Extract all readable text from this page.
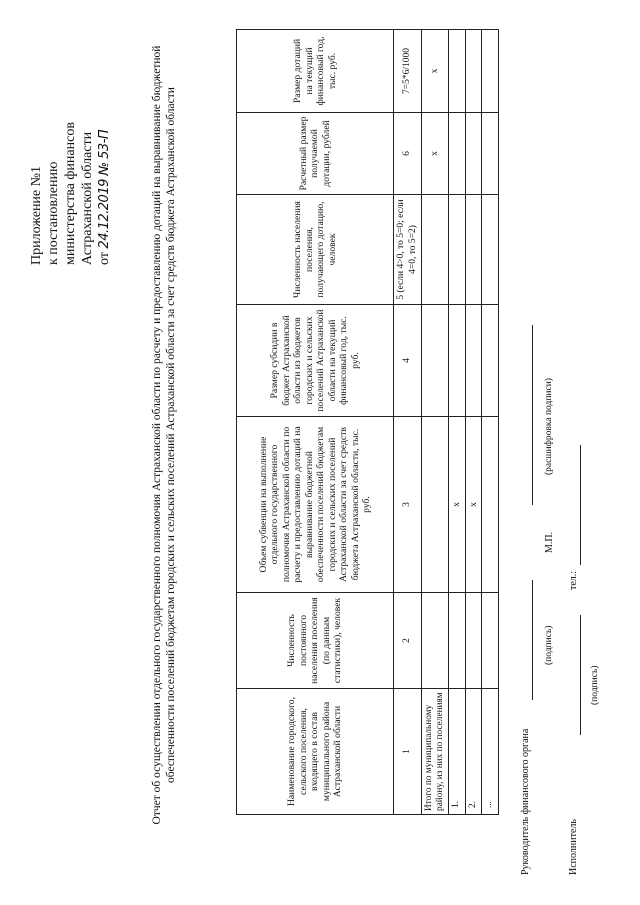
Приложение №1 к постановлению министерства финансов Астраханской области от 24.12.2019 № 53-П	Отчет об осуществлении отдельного государственного полномочия Астраханской области по расчету и предоставлению дотаций на выравнивание бюджетной обеспеченности поселений бюджетам городских и сельских поселений Астраханской области за счет средств бюджета Астраханской области	Наименование городского, сельского поселения, входящего в состав муниципального района Астраханской области	Численность постоянного населения поселения (по данным статистики), человек	Объем субвенции на выполнение отдельного государственного полномочия Астраханской области по расчету и предоставлению дотаций на выравнивание бюджетной обеспеченности поселений бюджетам городских и сельских поселений Астраханской области за счет средств бюджета Астраханской области, тыс. руб.	Размер субсидии в бюджет Астраханской области из бюджетов городских и сельских поселений Астраханской области на текущий финансовый год, тыс. руб.	Численность населения поселения, получающего дотацию, человек	Расчетный размер получаемой дотации, рублей	Размер дотаций на текущий финансовый год, тыс. руб.
1	2	3	4	5 (если 4>0, то 5=0; если 4=0, то 5=2)	6	7=5*6/1000
Итого по муниципальному району, из них по поселениям					x	x
1.		x				
2.		x				
...							Руководитель финансового органа
(подпись)
М.П.
(расшифровка подписи)
Исполнитель
(подпись)
тел.:
